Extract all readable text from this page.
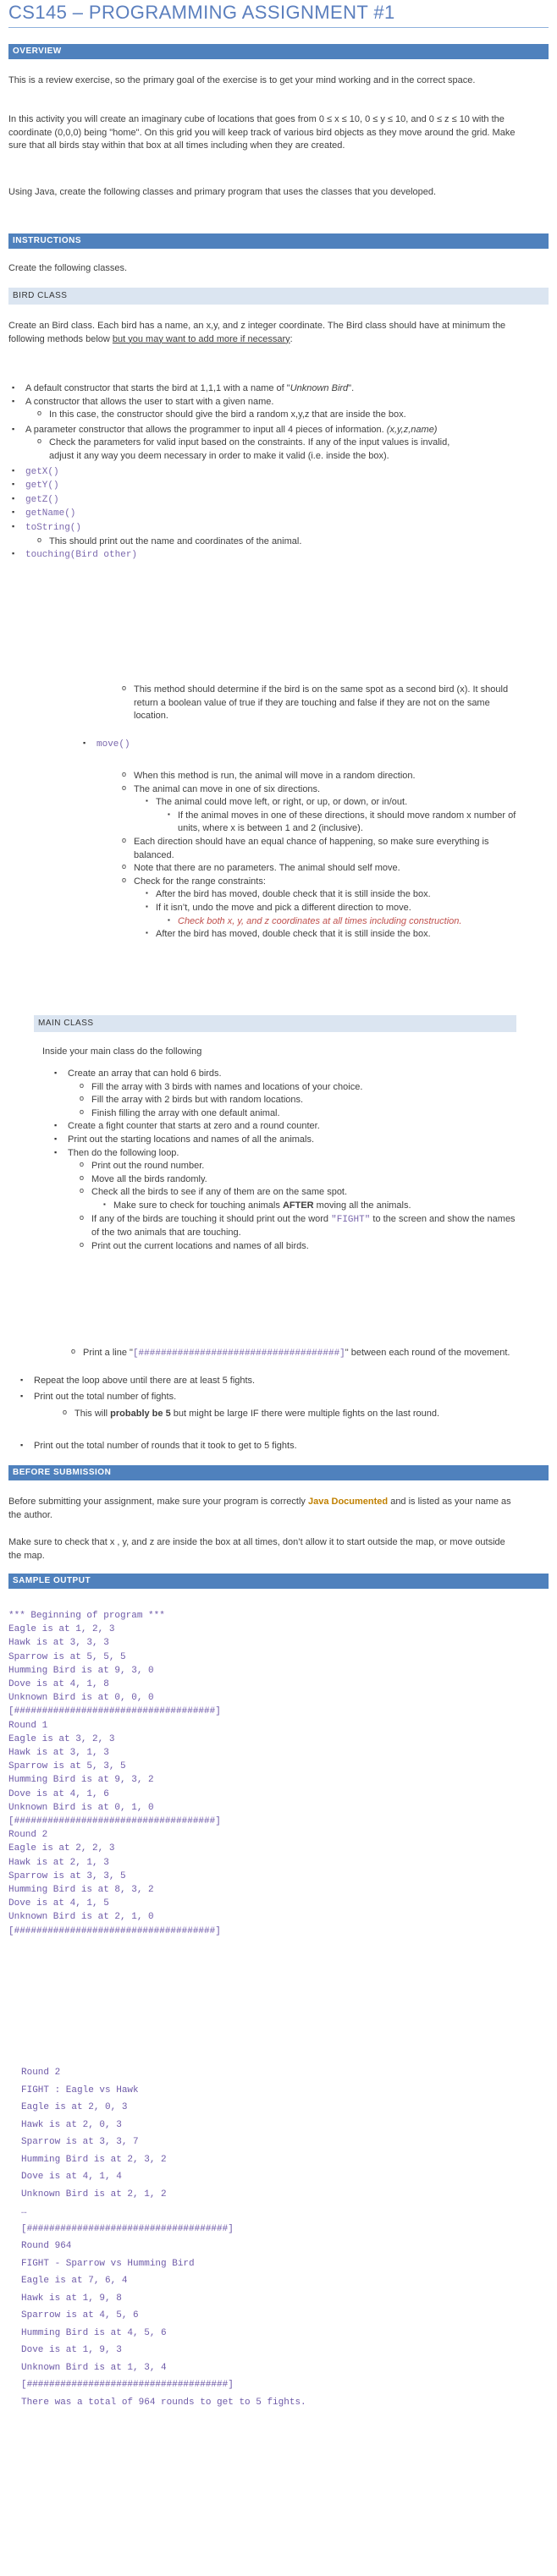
CS145 – PROGRAMMING ASSIGNMENT #1
OVERVIEW
This is a review exercise, so the primary goal of the exercise is to get your mind working and in the correct space.
In this activity you will create an imaginary cube of locations that goes from 0 ≤ x ≤ 10, 0 ≤ y ≤ 10, and 0 ≤ z ≤ 10 with the coordinate (0,0,0) being "home". On this grid you will keep track of various bird objects as they move around the grid. Make sure that all birds stay within that box at all times including when they are created.
Using Java, create the following classes and primary program that uses the classes that you developed.
INSTRUCTIONS
Create the following classes.
BIRD CLASS
Create an Bird class. Each bird has a name, an x,y, and z integer coordinate. The Bird class should have at minimum the following methods below but you may want to add more if necessary:
▪ A default constructor that starts the bird at 1,1,1 with a name of "Unknown Bird".
▪ A constructor that allows the user to start with a given name.
o In this case, the constructor should give the bird a random x,y,z that are inside the box.
▪ A parameter constructor that allows the programmer to input all 4 pieces of information. (x,y,z,name)
o Check the parameters for valid input based on the constraints. If any of the input values is invalid, adjust it any way you deem necessary in order to make it valid (i.e. inside the box).
▪ getX()
▪ getY()
▪ getZ()
▪ getName()
▪ toString()
o This should print out the name and coordinates of the animal.
▪ touching(Bird other)
o This method should determine if the bird is on the same spot as a second bird (x). It should return a boolean value of true if they are touching and false if they are not on the same location.
▪ move()
o When this method is run, the animal will move in a random direction.
o The animal can move in one of six directions.
▪ The animal could move left, or right, or up, or down, or in/out.
▪ If the animal moves in one of these directions, it should move random x number of units, where x is between 1 and 2 (inclusive).
o Each direction should have an equal chance of happening, so make sure everything is balanced.
o Note that there are no parameters. The animal should self move.
o Check for the range constraints:
▪ After the bird has moved, double check that it is still inside the box.
▪ If it isn’t, undo the move and pick a different direction to move.
▪ Check both x, y, and z coordinates at all times including construction.
▪ After the bird has moved, double check that it is still inside the box.
MAIN CLASS
Inside your main class do the following
▪ Create an array that can hold 6 birds.
o Fill the array with 3 birds with names and locations of your choice.
o Fill the array with 2 birds but with random locations.
o Finish filling the array with one default animal.
▪ Create a fight counter that starts at zero and a round counter.
▪ Print out the starting locations and names of all the animals.
▪ Then do the following loop.
o Print out the round number.
o Move all the birds randomly.
o Check all the birds to see if any of them are on the same spot.
▪ Make sure to check for touching animals AFTER moving all the animals.
o If any of the birds are touching it should print out the word "FIGHT" to the screen and show the names of the two animals that are touching.
o Print out the current locations and names of all birds.
o Print a line "[####################################]" between each round of the movement.
▪ Repeat the loop above until there are at least 5 fights.
▪ Print out the total number of fights.
o This will probably be 5 but might be large IF there were multiple fights on the last round.
▪ Print out the total number of rounds that it took to get to 5 fights.
BEFORE SUBMISSION
Before submitting your assignment, make sure your program is correctly Java Documented and is listed as your name as the author.
Make sure to check that x , y, and z are inside the box at all times, don’t allow it to start outside the map, or move outside the map.
SAMPLE OUTPUT
*** Beginning of program ***
Eagle is at 1, 2, 3
Hawk is at 3, 3, 3
Sparrow is at 5, 5, 5
Humming Bird is at 9, 3, 0
Dove is at 4, 1, 8
Unknown Bird is at 0, 0, 0
[####################################]
Round 1
Eagle is at 3, 2, 3
Hawk is at 3, 1, 3
Sparrow is at 5, 3, 5
Humming Bird is at 9, 3, 2
Dove is at 4, 1, 6
Unknown Bird is at 0, 1, 0
[####################################]
Round 2
Eagle is at 2, 2, 3
Hawk is at 2, 1, 3
Sparrow is at 3, 3, 5
Humming Bird is at 8, 3, 2
Dove is at 4, 1, 5
Unknown Bird is at 2, 1, 0
[####################################]
Round 2
FIGHT : Eagle vs Hawk
Eagle is at 2, 0, 3
Hawk is at 2, 0, 3
Sparrow is at 3, 3, 7
Humming Bird is at 2, 3, 2
Dove is at 4, 1, 4
Unknown Bird is at 2, 1, 2
…
[####################################]
Round 964
FIGHT - Sparrow vs Humming Bird
Eagle is at 7, 6, 4
Hawk is at 1, 9, 8
Sparrow is at 4, 5, 6
Humming Bird is at 4, 5, 6
Dove is at 1, 9, 3
Unknown Bird is at 1, 3, 4
[####################################]
There was a total of 964 rounds to get to 5 fights.
